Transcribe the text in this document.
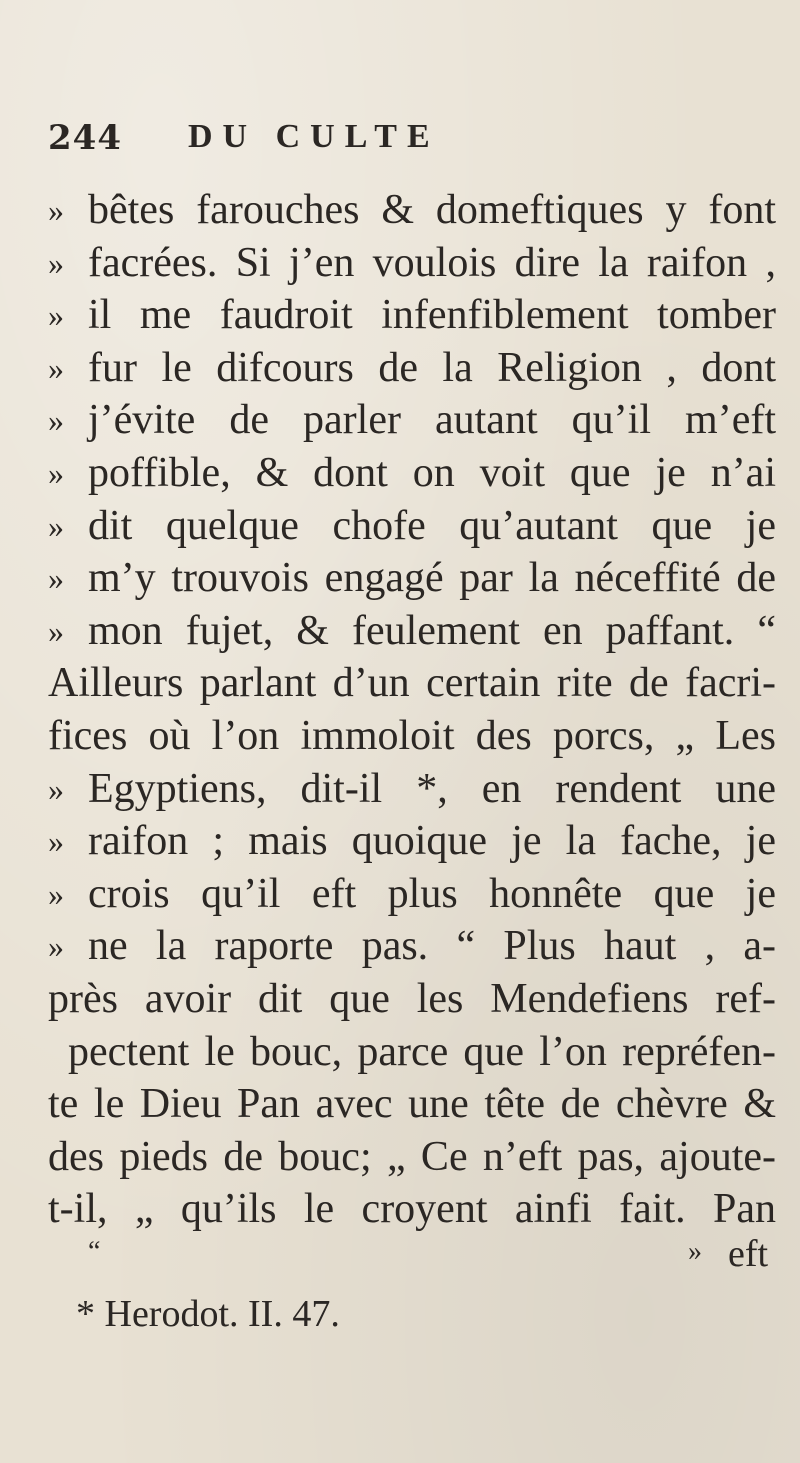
244 DU CULTE
» bêtes farouches & domeftiques y font
» facrées. Si j’en voulois dire la raifon ,
» il me faudroit infenfiblement tomber
» fur le difcours de la Religion , dont
» j’évite de parler autant qu’il m’eft
» poffible, & dont on voit que je n’ai
» dit quelque chofe qu’autant que je
» m’y trouvois engagé par la néceffité de
» mon fujet, & feulement en paffant. “
Ailleurs parlant d’un certain rite de facri-
fices où l’on immoloit des porcs, „ Les
» Egyptiens, dit-il *, en rendent une
» raifon ; mais quoique je la fache, je
» crois qu’il eft plus honnête que je
» ne la raporte pas. “ Plus haut , a-
près avoir dit que les Mendefiens ref-
pectent le bouc, parce que l’on repréfen-
te le Dieu Pan avec une tête de chèvre &
des pieds de bouc; „ Ce n’eft pas, ajoute-
t-il, „ qu’ils le croyent ainfi fait. Pan
“	» eft
* Herodot. II. 47.
